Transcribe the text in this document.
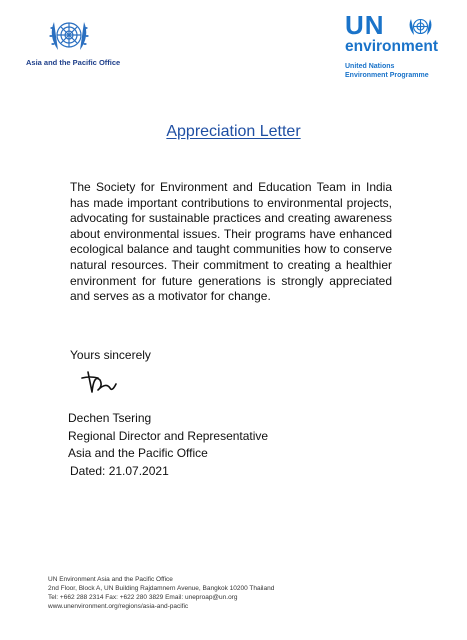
Asia and the Pacific Office
UN
environment
United Nations
Environment Programme
Appreciation Letter
The Society for Environment and Education Team in India has made important contributions to environmental projects, advocating for sustainable practices and creating awareness about environmental issues. Their programs have enhanced ecological balance and taught communities how to conserve natural resources. Their commitment to creating a healthier environment for future generations is strongly appreciated and serves as a motivator for change.
Yours sincerely
Dechen Tsering
Regional Director and Representative
Asia and the Pacific Office
Dated: 21.07.2021
UN Environment Asia and the Pacific Office
2nd Floor, Block A, UN Building Rajdamnern Avenue, Bangkok 10200 Thailand
Tel: +662 288 2314 Fax: +622 280 3829 Email: uneproap@un.org
www.unenvironment.org/regions/asia-and-pacific
